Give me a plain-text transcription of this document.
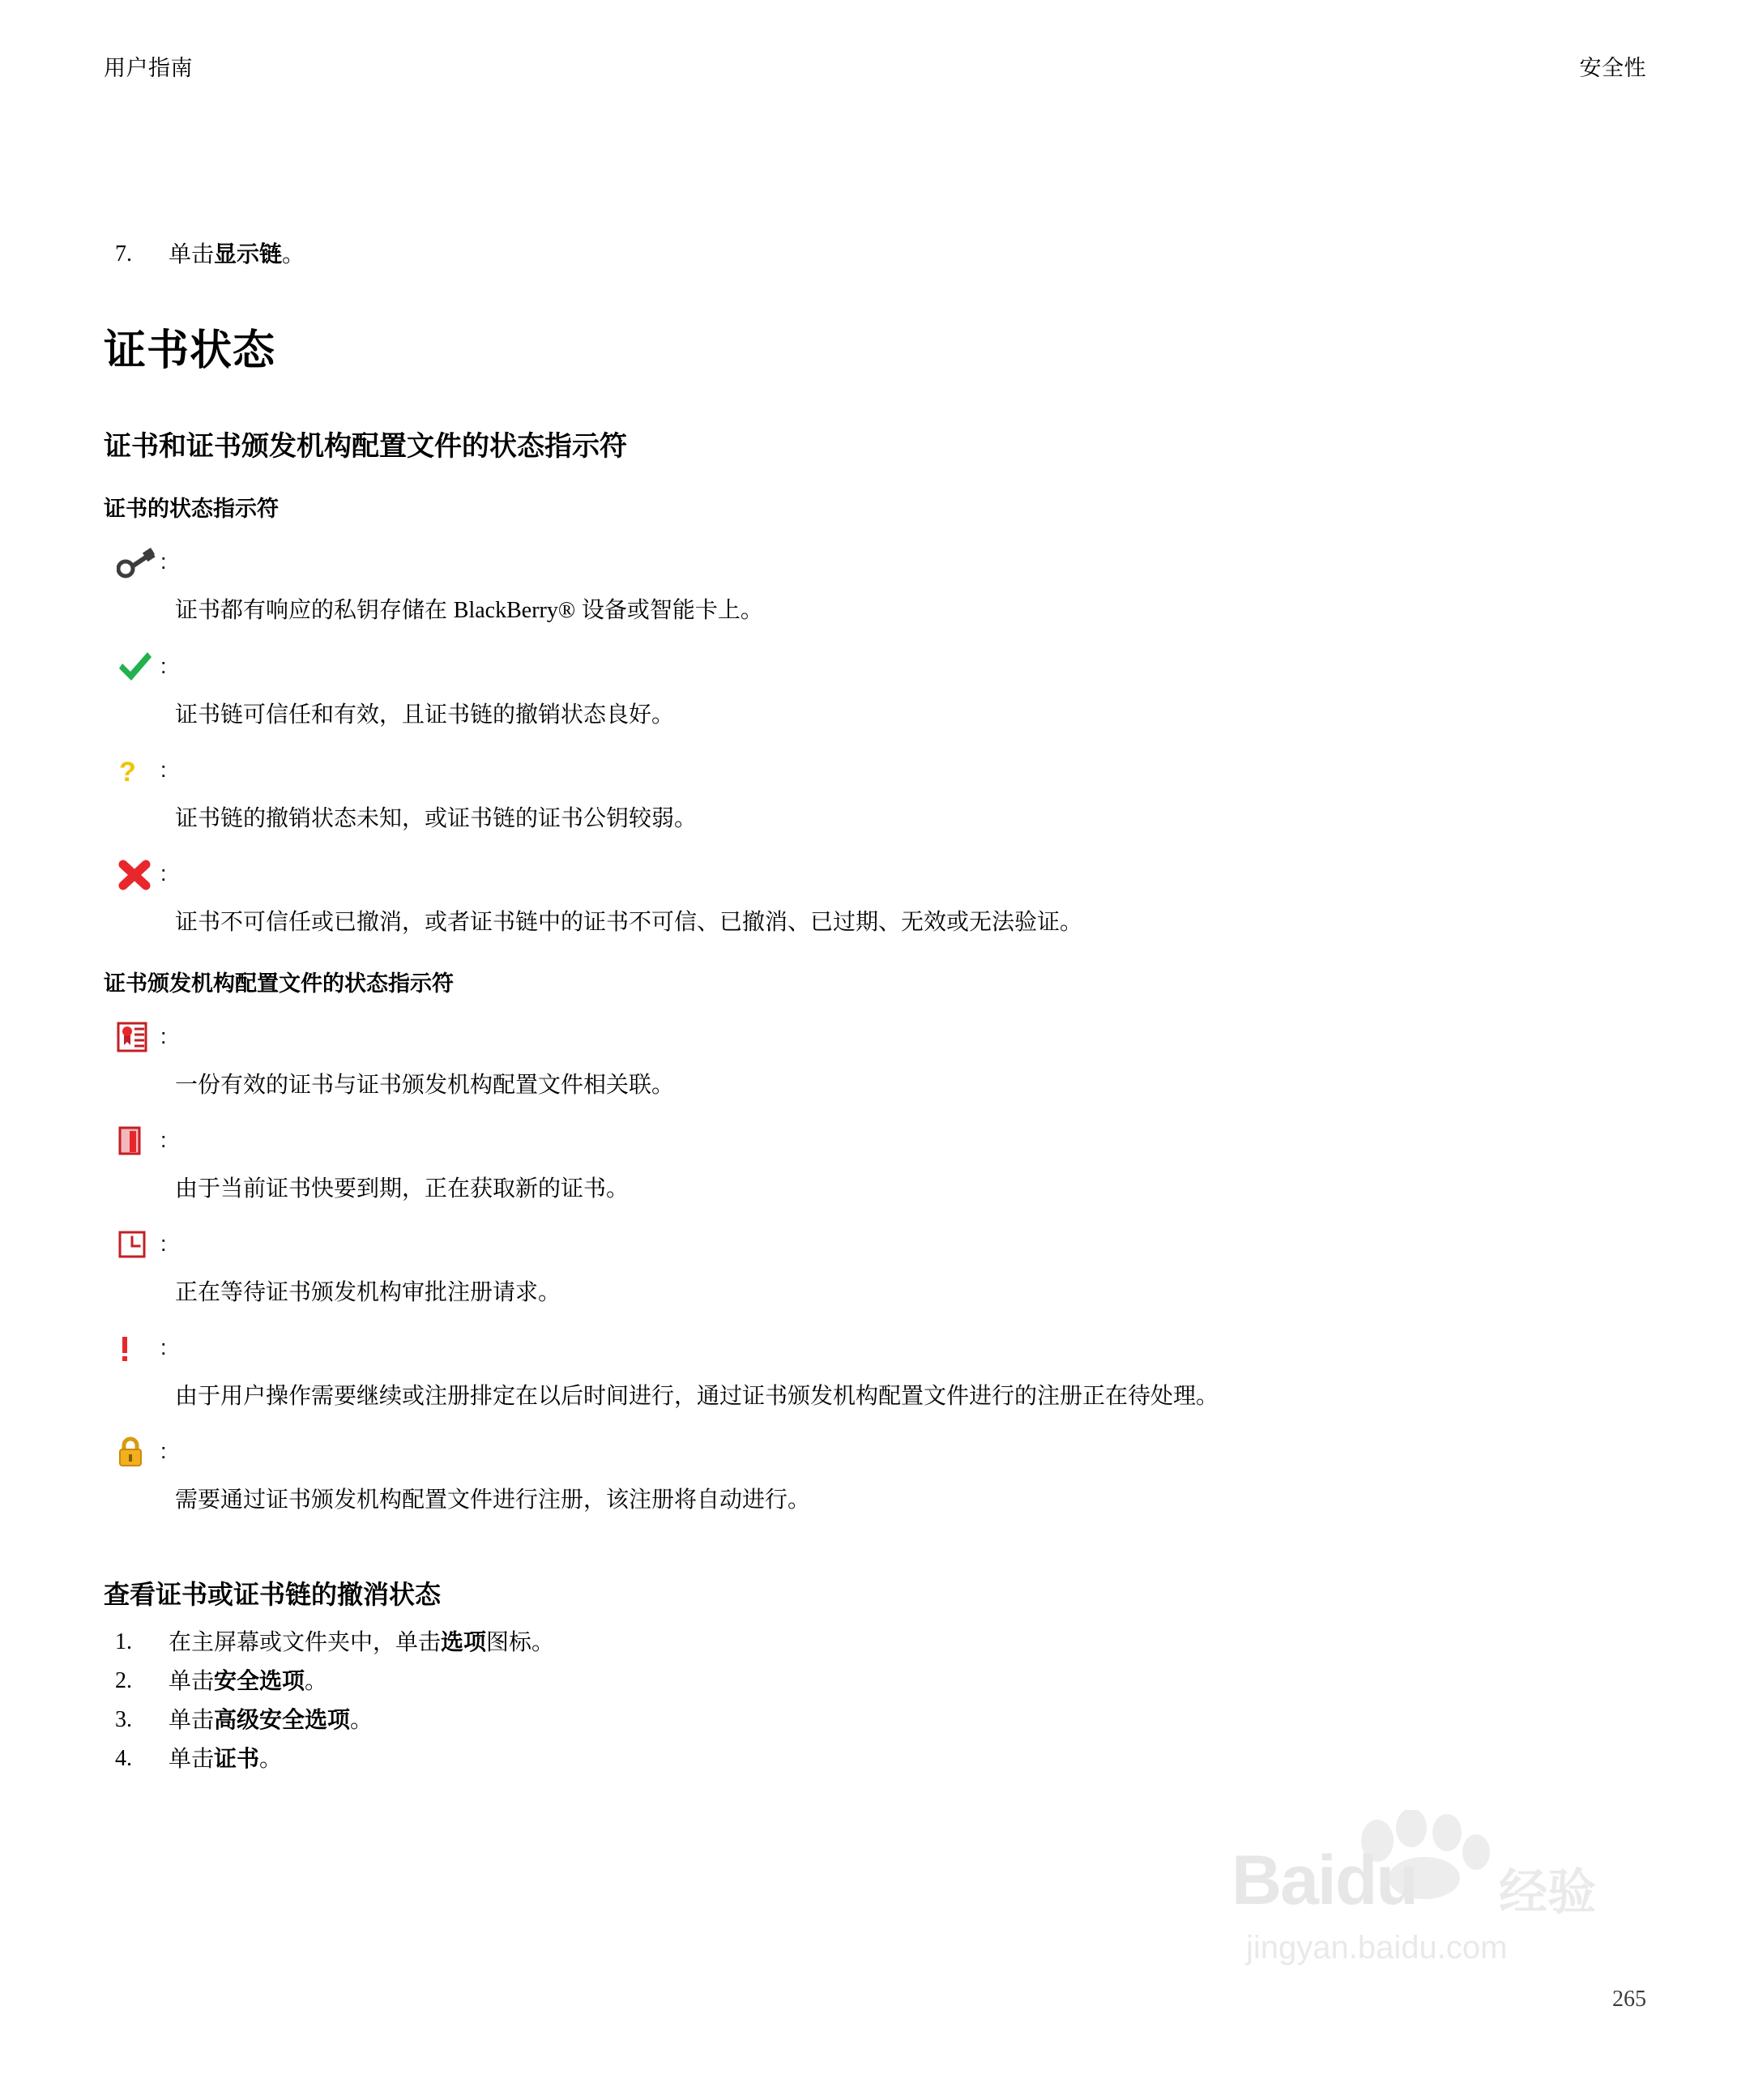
用户指南	安全性
7. 单击显示链。
证书状态
证书和证书颁发机构配置文件的状态指示符
证书的状态指示符
:
证书都有响应的私钥存储在 BlackBerry® 设备或智能卡上。
:
证书链可信任和有效，且证书链的撤销状态良好。
? :
证书链的撤销状态未知，或证书链的证书公钥较弱。
:
证书不可信任或已撤消，或者证书链中的证书不可信、已撤消、已过期、无效或无法验证。
证书颁发机构配置文件的状态指示符
:
一份有效的证书与证书颁发机构配置文件相关联。
:
由于当前证书快要到期，正在获取新的证书。
:
正在等待证书颁发机构审批注册请求。
:
由于用户操作需要继续或注册排定在以后时间进行，通过证书颁发机构配置文件进行的注册正在待处理。
:
需要通过证书颁发机构配置文件进行注册，该注册将自动进行。
查看证书或证书链的撤消状态
1. 在主屏幕或文件夹中，单击选项图标。
2. 单击安全选项。
3. 单击高级安全选项。
4. 单击证书。
Baidu 经验
jingyan.baidu.com
265
